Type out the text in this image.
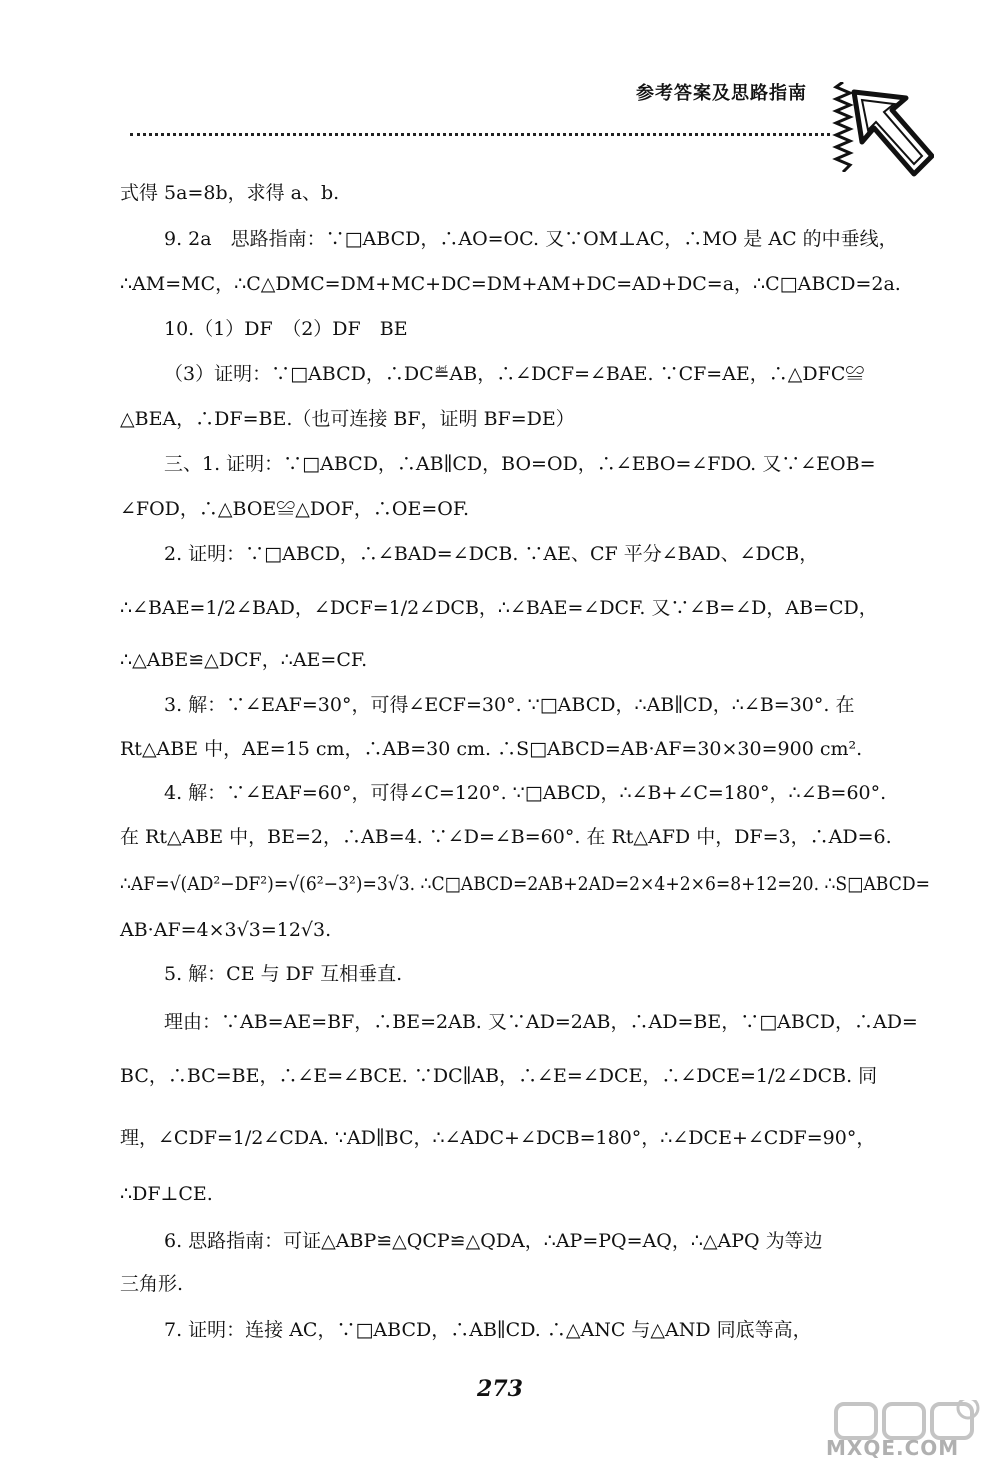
参考答案及思路指南
式得 5a=8b，求得 a、b.
9. 2a　思路指南：∵□ABCD，∴AO=OC. 又∵OM⊥AC，∴MO 是 AC 的中垂线，
∴AM=MC，∴C△DMC=DM+MC+DC=DM+AM+DC=AD+DC=a，∴C□ABCD=2a.
10.（1）DF　（2）DF　BE
（3）证明：∵□ABCD，∴DC≝AB，∴∠DCF=∠BAE. ∵CF=AE，∴△DFC≌
△BEA，∴DF=BE.（也可连接 BF，证明 BF=DE）
三、1. 证明：∵□ABCD，∴AB∥CD，BO=OD，∴∠EBO=∠FDO. 又∵∠EOB=
∠FOD，∴△BOE≌△DOF，∴OE=OF.
2. 证明：∵□ABCD，∴∠BAD=∠DCB. ∵AE、CF 平分∠BAD、∠DCB，
∴∠BAE=1/2∠BAD，∠DCF=1/2∠DCB，∴∠BAE=∠DCF. 又∵∠B=∠D，AB=CD，
∴△ABE≌△DCF，∴AE=CF.
3. 解：∵∠EAF=30°，可得∠ECF=30°. ∵□ABCD，∴AB∥CD，∴∠B=30°. 在
Rt△ABE 中，AE=15 cm，∴AB=30 cm. ∴S□ABCD=AB·AF=30×30=900 cm².
4. 解：∵∠EAF=60°，可得∠C=120°. ∵□ABCD，∴∠B+∠C=180°，∴∠B=60°.
在 Rt△ABE 中，BE=2，∴AB=4. ∵∠D=∠B=60°. 在 Rt△AFD 中，DF=3，∴AD=6.
∴AF=√(AD²−DF²)=√(6²−3²)=3√3. ∴C□ABCD=2AB+2AD=2×4+2×6=8+12=20. ∴S□ABCD=
AB·AF=4×3√3=12√3.
5. 解：CE 与 DF 互相垂直.
理由：∵AB=AE=BF，∴BE=2AB. 又∵AD=2AB，∴AD=BE，∵□ABCD，∴AD=
BC，∴BC=BE，∴∠E=∠BCE. ∵DC∥AB，∴∠E=∠DCE，∴∠DCE=1/2∠DCB. 同
理，∠CDF=1/2∠CDA. ∵AD∥BC，∴∠ADC+∠DCB=180°，∴∠DCE+∠CDF=90°，
∴DF⊥CE.
6. 思路指南：可证△ABP≌△QCP≌△QDA，∴AP=PQ=AQ，∴△APQ 为等边
三角形.
7. 证明：连接 AC，∵□ABCD，∴AB∥CD. ∴△ANC 与△AND 同底等高，
273
MXQE.COM
